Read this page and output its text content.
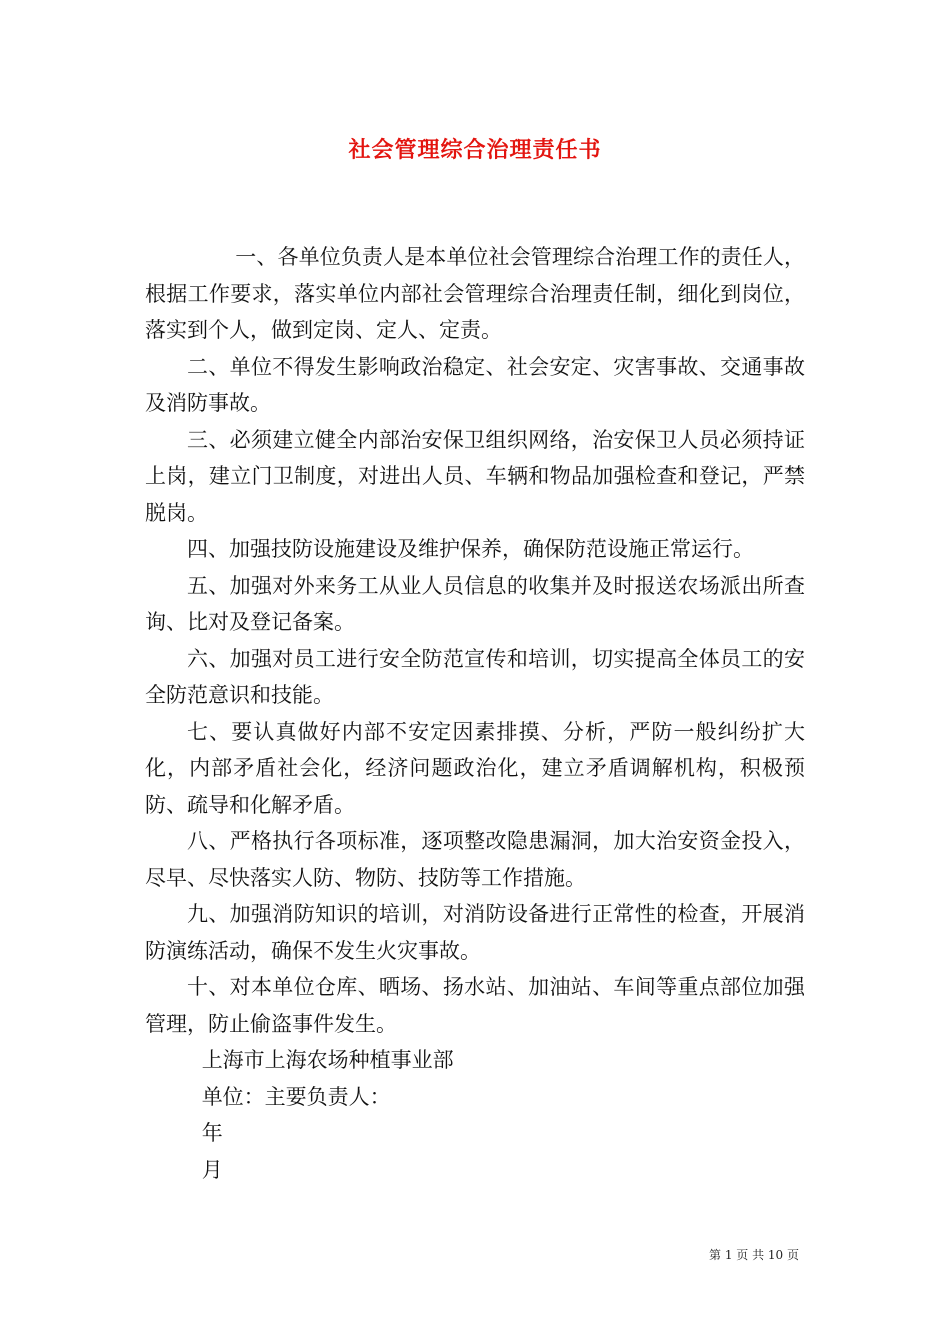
社会管理综合治理责任书

一、各单位负责人是本单位社会管理综合治理工作的责任人，根据工作要求，落实单位内部社会管理综合治理责任制，细化到岗位，落实到个人，做到定岗、定人、定责。

二、单位不得发生影响政治稳定、社会安定、灾害事故、交通事故及消防事故。

三、必须建立健全内部治安保卫组织网络，治安保卫人员必须持证上岗，建立门卫制度，对进出人员、车辆和物品加强检查和登记，严禁脱岗。

四、加强技防设施建设及维护保养，确保防范设施正常运行。

五、加强对外来务工从业人员信息的收集并及时报送农场派出所查询、比对及登记备案。

六、加强对员工进行安全防范宣传和培训，切实提高全体员工的安全防范意识和技能。

七、要认真做好内部不安定因素排摸、分析，严防一般纠纷扩大化，内部矛盾社会化，经济问题政治化，建立矛盾调解机构，积极预防、疏导和化解矛盾。

八、严格执行各项标准，逐项整改隐患漏洞，加大治安资金投入，尽早、尽快落实人防、物防、技防等工作措施。

九、加强消防知识的培训，对消防设备进行正常性的检查，开展消防演练活动，确保不发生火灾事故。

十、对本单位仓库、晒场、扬水站、加油站、车间等重点部位加强管理，防止偷盗事件发生。

上海市上海农场种植事业部

单位：主要负责人：

年

月

第 1 页 共 10 页
